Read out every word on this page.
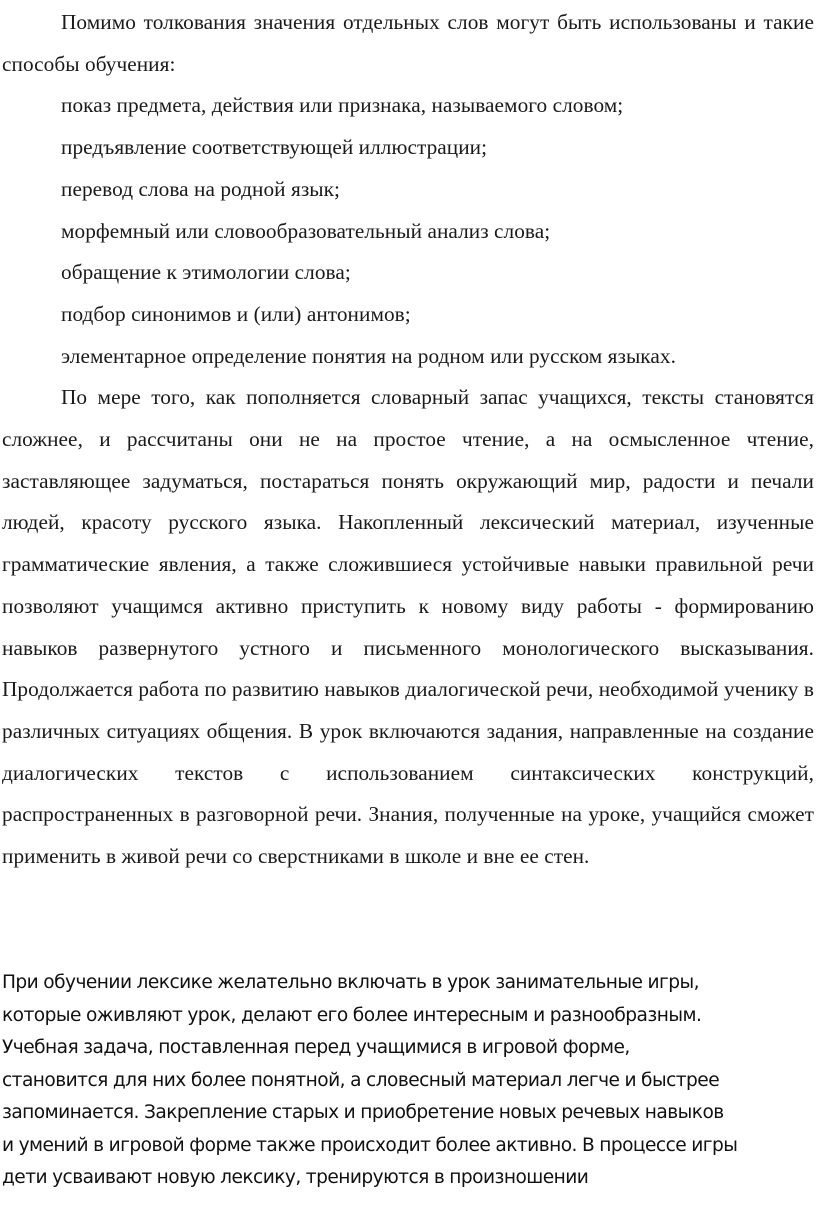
Помимо толкования значения отдельных слов могут быть использованы и такие способы обучения:

показ предмета, действия или признака, называемого словом;
предъявление соответствующей иллюстрации;
перевод слова на родной язык;
морфемный или словообразовательный анализ слова;
обращение к этимологии слова;
подбор синонимов и (или) антонимов;
элементарное определение понятия на родном или русском языках.

По мере того, как пополняется словарный запас учащихся, тексты становятся сложнее, и рассчитаны они не на простое чтение, а на осмысленное чтение, заставляющее задуматься, постараться понять окружающий мир, радости и печали людей, красоту русского языка. Накопленный лексический материал, изученные грамматические явления, а также сложившиеся устойчивые навыки правильной речи позволяют учащимся активно приступить к новому виду работы - формированию навыков развернутого устного и письменного монологического высказывания. Продолжается работа по развитию навыков диалогической речи, необходимой ученику в различных ситуациях общения. В урок включаются задания, направленные на создание диалогических текстов с использованием синтаксических конструкций, распространенных в разговорной речи. Знания, полученные на уроке, учащийся сможет применить в живой речи со сверстниками в школе и вне ее стен.

При обучении лексике желательно включать в урок занимательные игры,

которые оживляют урок, делают его более интересным и разнообразным.

Учебная задача, поставленная перед учащимися в игровой форме,

становится для них более понятной, а словесный материал легче и быстрее

запоминается. Закрепление старых и приобретение новых речевых навыков

и умений в игровой форме также происходит более активно. В процессе игры

дети усваивают новую лексику, тренируются в произношении
